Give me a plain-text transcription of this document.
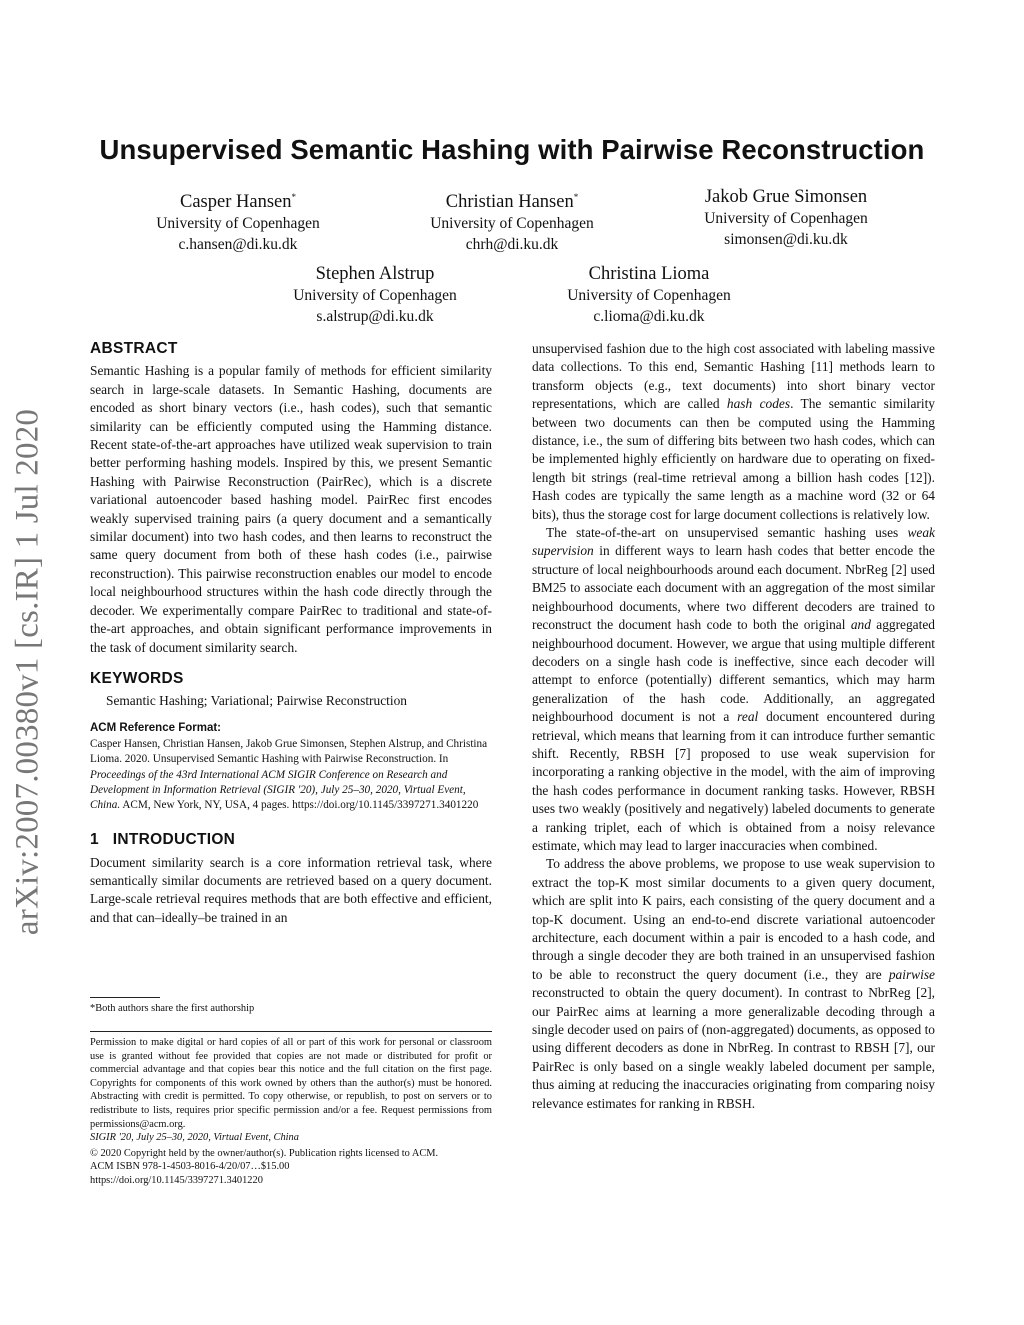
arXiv:2007.00380v1 [cs.IR] 1 Jul 2020
Unsupervised Semantic Hashing with Pairwise Reconstruction
Casper Hansen*
University of Copenhagen
c.hansen@di.ku.dk
Christian Hansen*
University of Copenhagen
chrh@di.ku.dk
Jakob Grue Simonsen
University of Copenhagen
simonsen@di.ku.dk
Stephen Alstrup
University of Copenhagen
s.alstrup@di.ku.dk
Christina Lioma
University of Copenhagen
c.lioma@di.ku.dk
ABSTRACT

Semantic Hashing is a popular family of methods for efficient similarity search in large-scale datasets. In Semantic Hashing, documents are encoded as short binary vectors (i.e., hash codes), such that semantic similarity can be efficiently computed using the Hamming distance. Recent state-of-the-art approaches have utilized weak supervision to train better performing hashing models. Inspired by this, we present Semantic Hashing with Pairwise Reconstruction (PairRec), which is a discrete variational autoencoder based hashing model. PairRec first encodes weakly supervised training pairs (a query document and a semantically similar document) into two hash codes, and then learns to reconstruct the same query document from both of these hash codes (i.e., pairwise reconstruction). This pairwise reconstruction enables our model to encode local neighbourhood structures within the hash code directly through the decoder. We experimentally compare PairRec to traditional and state-of-the-art approaches, and obtain significant performance improvements in the task of document similarity search.

KEYWORDS

Semantic Hashing; Variational; Pairwise Reconstruction

ACM Reference Format:
Casper Hansen, Christian Hansen, Jakob Grue Simonsen, Stephen Alstrup, and Christina Lioma. 2020. Unsupervised Semantic Hashing with Pairwise Reconstruction. In Proceedings of the 43rd International ACM SIGIR Conference on Research and Development in Information Retrieval (SIGIR '20), July 25–30, 2020, Virtual Event, China. ACM, New York, NY, USA, 4 pages. https://doi.org/10.1145/3397271.3401220
1   INTRODUCTION

Document similarity search is a core information retrieval task, where semantically similar documents are retrieved based on a query document. Large-scale retrieval requires methods that are both effective and efficient, and that can–ideally–be trained in an

*Both authors share the first authorship
Permission to make digital or hard copies of all or part of this work for personal or classroom use is granted without fee provided that copies are not made or distributed for profit or commercial advantage and that copies bear this notice and the full citation on the first page. Copyrights for components of this work owned by others than the author(s) must be honored. Abstracting with credit is permitted. To copy otherwise, or republish, to post on servers or to redistribute to lists, requires prior specific permission and/or a fee. Request permissions from permissions@acm.org.
SIGIR '20, July 25–30, 2020, Virtual Event, China
© 2020 Copyright held by the owner/author(s). Publication rights licensed to ACM.
ACM ISBN 978-1-4503-8016-4/20/07…$15.00
https://doi.org/10.1145/3397271.3401220

unsupervised fashion due to the high cost associated with labeling massive data collections. To this end, Semantic Hashing [11] methods learn to transform objects (e.g., text documents) into short binary vector representations, which are called hash codes. The semantic similarity between two documents can then be computed using the Hamming distance, i.e., the sum of differing bits between two hash codes, which can be implemented highly efficiently on hardware due to operating on fixed-length bit strings (real-time retrieval among a billion hash codes [12]). Hash codes are typically the same length as a machine word (32 or 64 bits), thus the storage cost for large document collections is relatively low.

The state-of-the-art on unsupervised semantic hashing uses weak supervision in different ways to learn hash codes that better encode the structure of local neighbourhoods around each document. NbrReg [2] used BM25 to associate each document with an aggregation of the most similar neighbourhood documents, where two different decoders are trained to reconstruct the document hash code to both the original and aggregated neighbourhood document. However, we argue that using multiple different decoders on a single hash code is ineffective, since each decoder will attempt to enforce (potentially) different semantics, which may harm generalization of the hash code. Additionally, an aggregated neighbourhood document is not a real document encountered during retrieval, which means that learning from it can introduce further semantic shift. Recently, RBSH [7] proposed to use weak supervision for incorporating a ranking objective in the model, with the aim of improving the hash codes performance in document ranking tasks. However, RBSH uses two weakly (positively and negatively) labeled documents to generate a ranking triplet, each of which is obtained from a noisy relevance estimate, which may lead to larger inaccuracies when combined.

To address the above problems, we propose to use weak supervision to extract the top-K most similar documents to a given query document, which are split into K pairs, each consisting of the query document and a top-K document. Using an end-to-end discrete variational autoencoder architecture, each document within a pair is encoded to a hash code, and through a single decoder they are both trained in an unsupervised fashion to be able to reconstruct the query document (i.e., they are pairwise reconstructed to obtain the query document). In contrast to NbrReg [2], our PairRec aims at learning a more generalizable decoding through a single decoder used on pairs of (non-aggregated) documents, as opposed to using different decoders as done in NbrReg. In contrast to RBSH [7], our PairRec is only based on a single weakly labeled document per sample, thus aiming at reducing the inaccuracies originating from comparing noisy relevance estimates for ranking in RBSH.
